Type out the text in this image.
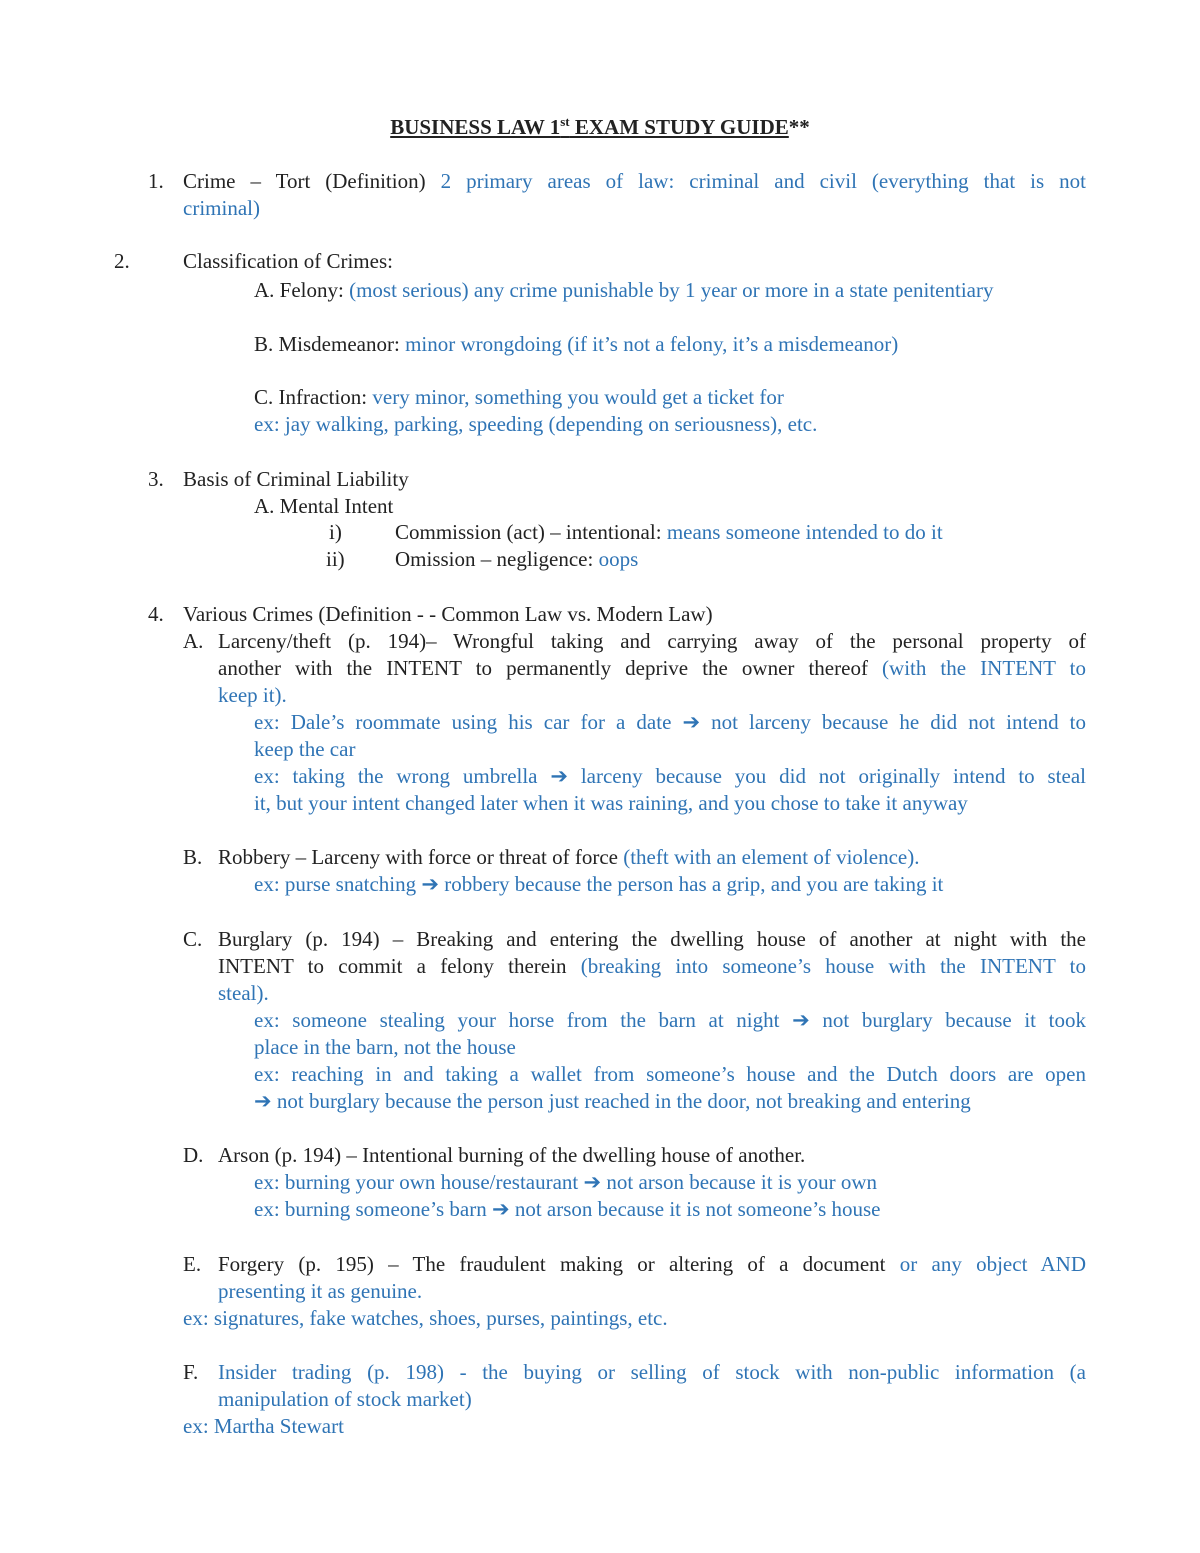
BUSINESS LAW 1st EXAM STUDY GUIDE**
1. Crime – Tort (Definition) 2 primary areas of law: criminal and civil (everything that is not
criminal)
2.	Classification of Crimes:
A. Felony: (most serious) any crime punishable by 1 year or more in a state penitentiary
B. Misdemeanor: minor wrongdoing (if it’s not a felony, it’s a misdemeanor)
C. Infraction: very minor, something you would get a ticket for
ex: jay walking, parking, speeding (depending on seriousness), etc.
3. Basis of Criminal Liability
A. Mental Intent
i)	Commission (act) – intentional: means someone intended to do it
ii) Omission – negligence: oops
4. Various Crimes (Definition - - Common Law vs. Modern Law)
A. Larceny/theft (p. 194)– Wrongful taking and carrying away of the personal property of
another with the INTENT to permanently deprive the owner thereof (with the INTENT to
keep it).
ex: Dale’s roommate using his car for a date ➔ not larceny because he did not intend to
keep the car
ex: taking the wrong umbrella ➔ larceny because you did not originally intend to steal
it, but your intent changed later when it was raining, and you chose to take it anyway
B. Robbery – Larceny with force or threat of force (theft with an element of violence).
ex: purse snatching ➔ robbery because the person has a grip, and you are taking it
C. Burglary (p. 194) – Breaking and entering the dwelling house of another at night with the
INTENT to commit a felony therein (breaking into someone’s house with the INTENT to
steal).
ex: someone stealing your horse from the barn at night ➔ not burglary because it took
place in the barn, not the house
ex: reaching in and taking a wallet from someone’s house and the Dutch doors are open
➔ not burglary because the person just reached in the door, not breaking and entering
D. Arson (p. 194) – Intentional burning of the dwelling house of another.
ex: burning your own house/restaurant ➔ not arson because it is your own
ex: burning someone’s barn ➔ not arson because it is not someone’s house
E. Forgery (p. 195) – The fraudulent making or altering of a document or any object AND
presenting it as genuine.
ex: signatures, fake watches, shoes, purses, paintings, etc.
F. Insider trading (p. 198) - the buying or selling of stock with non-public information (a
manipulation of stock market)
ex: Martha Stewart
